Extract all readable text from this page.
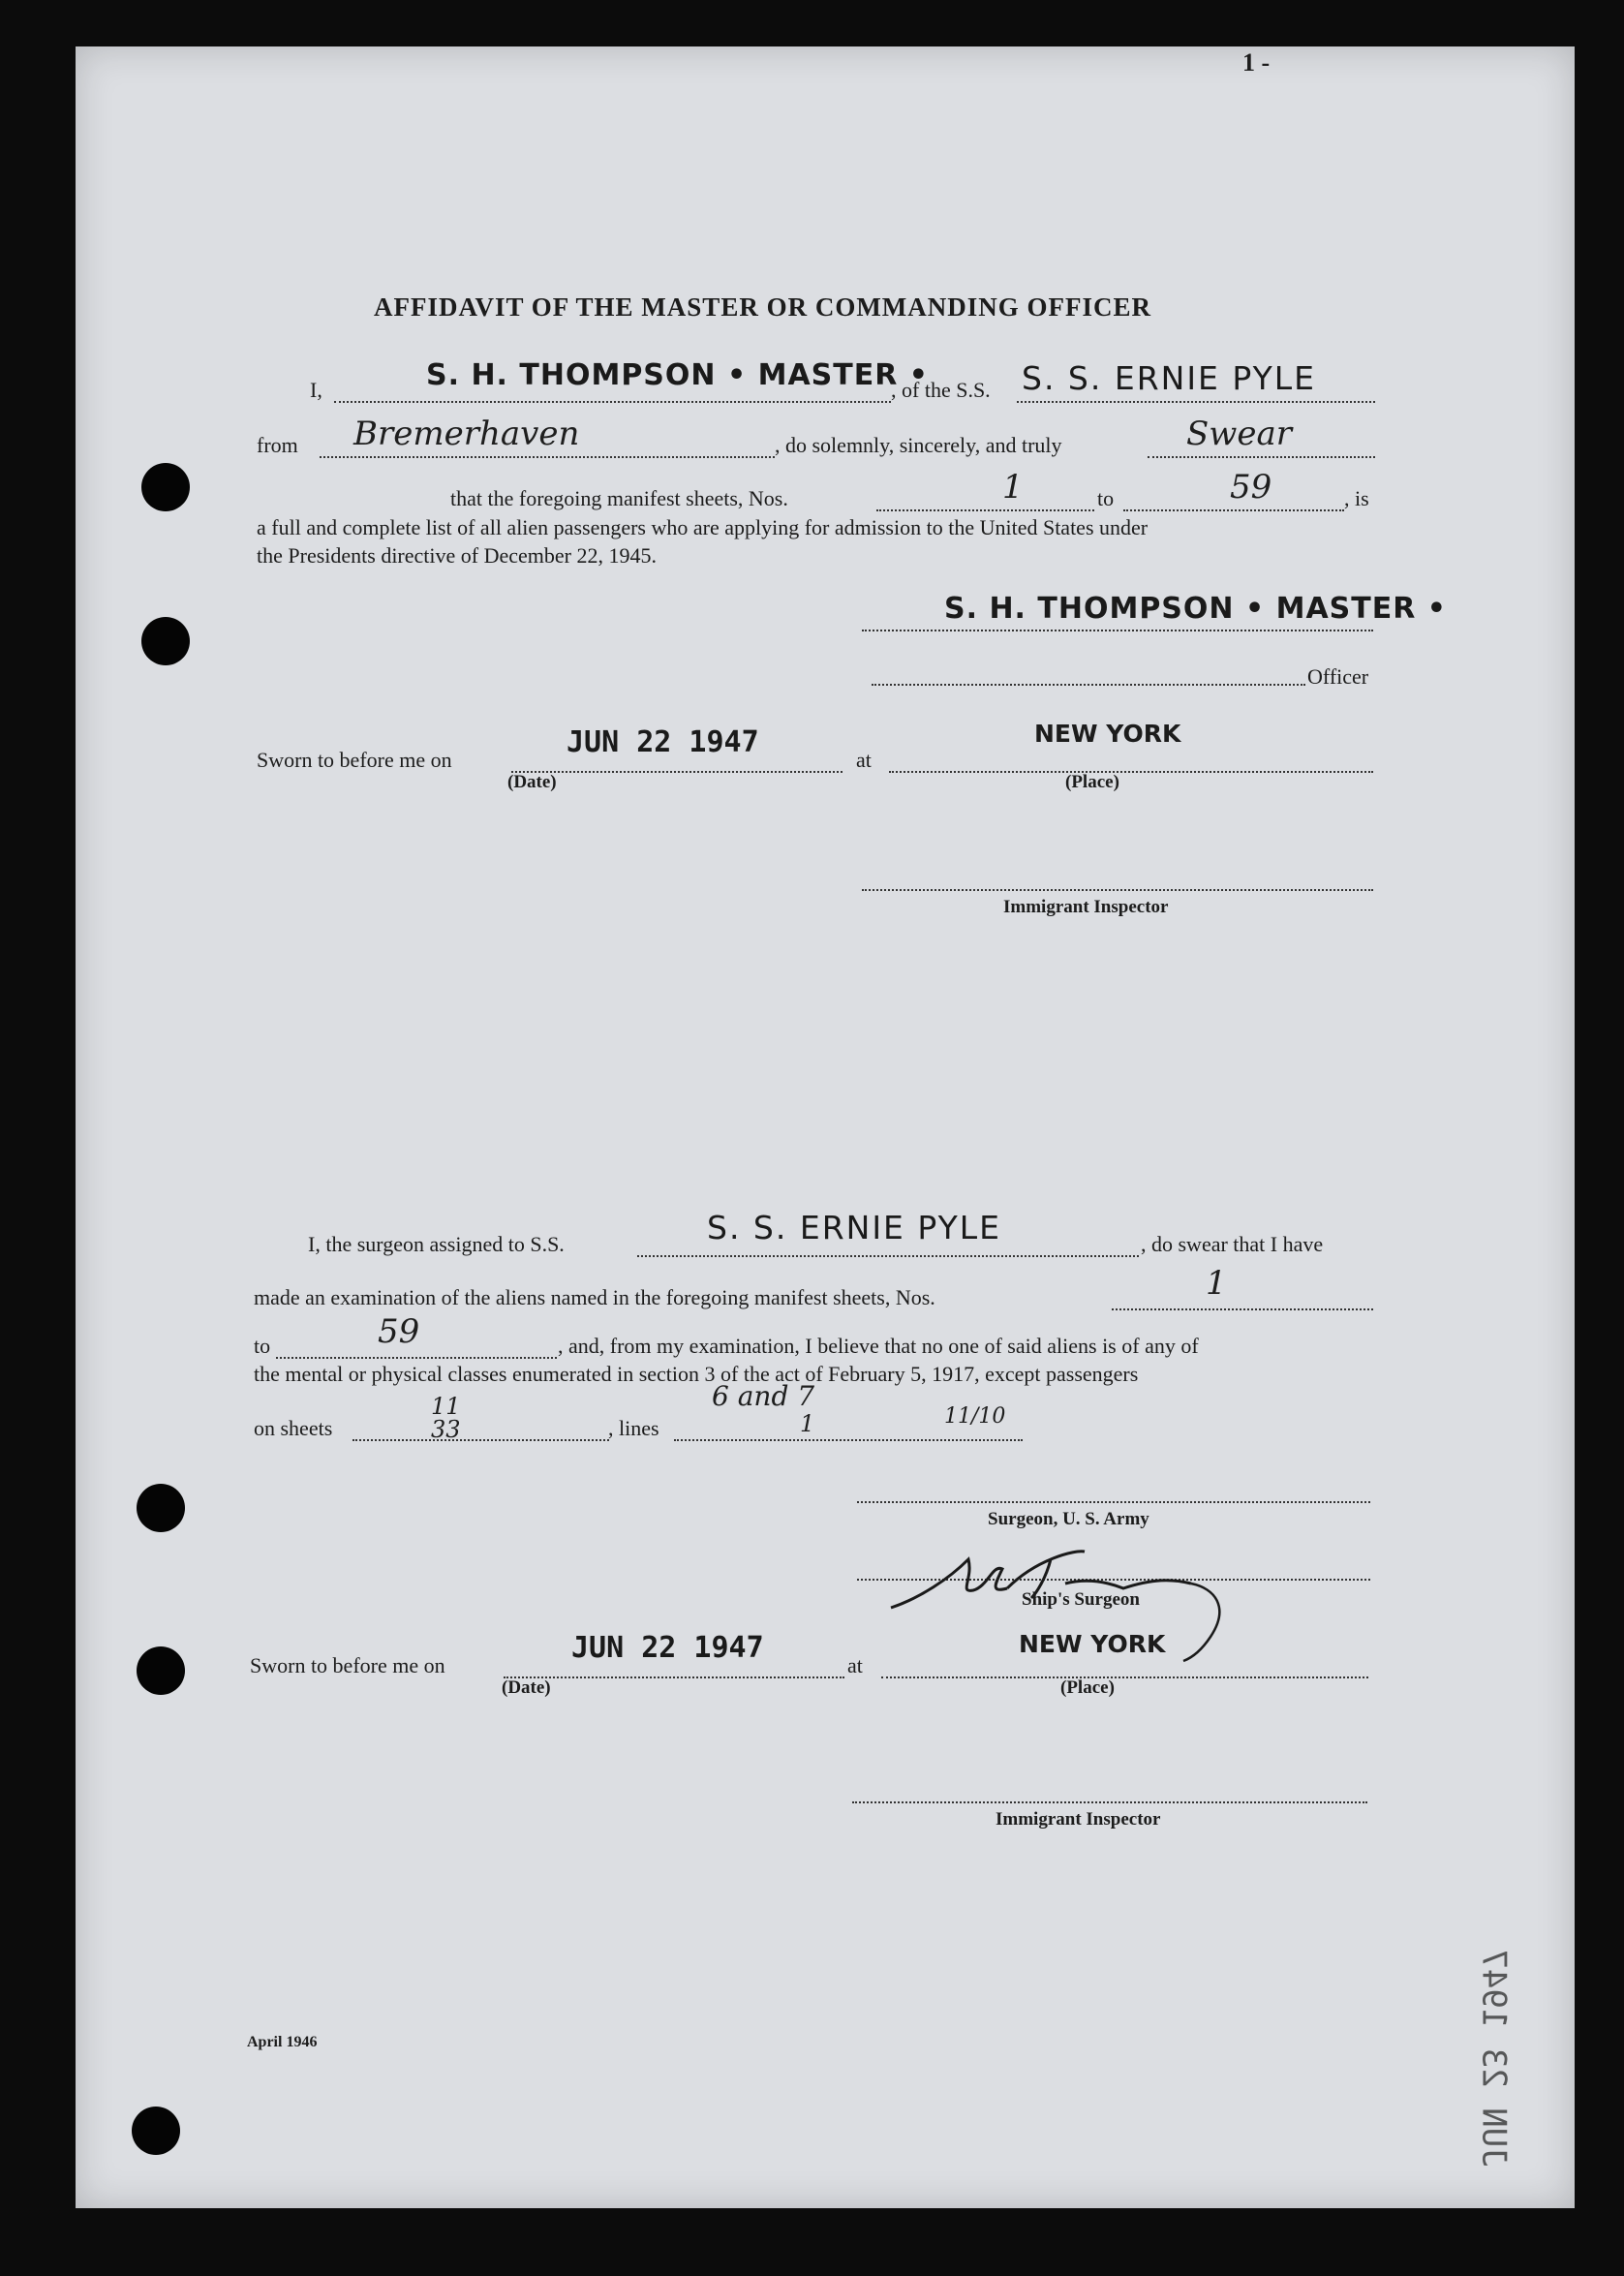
1 -
AFFIDAVIT OF THE MASTER OR COMMANDING OFFICER
I,	S. H. THOMPSON • MASTER •
, of the S.S. S. S. ERNIE PYLE
from Bremerhaven	, do solemnly, sincerely, and truly	Swear
that the foregoing manifest sheets, Nos.	1	to	59	, is
a full and complete list of all alien passengers who are applying for admission to the United States under
the Presidents directive of December 22, 1945.
S. H. THOMPSON • MASTER •
Officer
Sworn to before me on
JUN 22 1947
at
NEW YORK
(Date)	(Place)
Immigrant Inspector
I, the surgeon assigned to S.S.	S. S. ERNIE PYLE	, do swear that I have
made an examination of the aliens named in the foregoing manifest sheets, Nos.	1
to	59	, and, from my examination, I believe that no one of said aliens is of any of
the mental or physical classes enumerated in section 3 of the act of February 5, 1917, except passengers
on sheets
11
33	, lines
6 and 7
1	11/10
Surgeon, U. S. Army
Ship's Surgeon
Sworn to before me on
JUN 22 1947
at
NEW YORK
(Date)	(Place)
Immigrant Inspector
April 1946	JUN 23 1947
